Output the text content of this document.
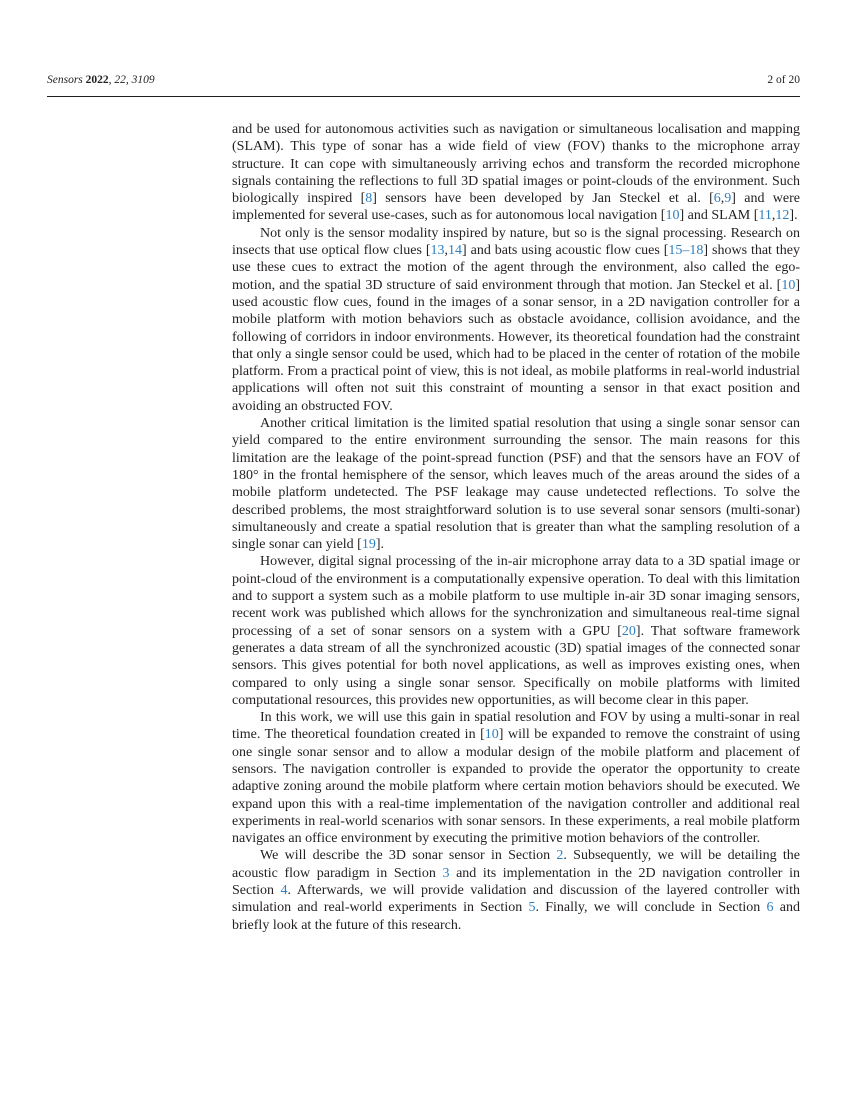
Sensors 2022, 22, 3109	2 of 20

and be used for autonomous activities such as navigation or simultaneous localisation and mapping (SLAM). This type of sonar has a wide field of view (FOV) thanks to the microphone array structure. It can cope with simultaneously arriving echos and transform the recorded microphone signals containing the reflections to full 3D spatial images or point-clouds of the environment. Such biologically inspired [8] sensors have been developed by Jan Steckel et al. [6,9] and were implemented for several use-cases, such as for autonomous local navigation [10] and SLAM [11,12].

Not only is the sensor modality inspired by nature, but so is the signal processing. Research on insects that use optical flow clues [13,14] and bats using acoustic flow cues [15–18] shows that they use these cues to extract the motion of the agent through the environment, also called the ego-motion, and the spatial 3D structure of said environment through that motion. Jan Steckel et al. [10] used acoustic flow cues, found in the images of a sonar sensor, in a 2D navigation controller for a mobile platform with motion behaviors such as obstacle avoidance, collision avoidance, and the following of corridors in indoor environments. However, its theoretical foundation had the constraint that only a single sensor could be used, which had to be placed in the center of rotation of the mobile platform. From a practical point of view, this is not ideal, as mobile platforms in real-world industrial applications will often not suit this constraint of mounting a sensor in that exact position and avoiding an obstructed FOV.

Another critical limitation is the limited spatial resolution that using a single sonar sensor can yield compared to the entire environment surrounding the sensor. The main reasons for this limitation are the leakage of the point-spread function (PSF) and that the sensors have an FOV of 180° in the frontal hemisphere of the sensor, which leaves much of the areas around the sides of a mobile platform undetected. The PSF leakage may cause undetected reflections. To solve the described problems, the most straightforward solution is to use several sonar sensors (multi-sonar) simultaneously and create a spatial resolution that is greater than what the sampling resolution of a single sonar can yield [19].

However, digital signal processing of the in-air microphone array data to a 3D spatial image or point-cloud of the environment is a computationally expensive operation. To deal with this limitation and to support a system such as a mobile platform to use multiple in-air 3D sonar imaging sensors, recent work was published which allows for the synchronization and simultaneous real-time signal processing of a set of sonar sensors on a system with a GPU [20]. That software framework generates a data stream of all the synchronized acoustic (3D) spatial images of the connected sonar sensors. This gives potential for both novel applications, as well as improves existing ones, when compared to only using a single sonar sensor. Specifically on mobile platforms with limited computational resources, this provides new opportunities, as will become clear in this paper.

In this work, we will use this gain in spatial resolution and FOV by using a multi-sonar in real time. The theoretical foundation created in [10] will be expanded to remove the constraint of using one single sonar sensor and to allow a modular design of the mobile platform and placement of sensors. The navigation controller is expanded to provide the operator the opportunity to create adaptive zoning around the mobile platform where certain motion behaviors should be executed. We expand upon this with a real-time implementation of the navigation controller and additional real experiments in real-world scenarios with sonar sensors. In these experiments, a real mobile platform navigates an office environment by executing the primitive motion behaviors of the controller.

We will describe the 3D sonar sensor in Section 2. Subsequently, we will be detailing the acoustic flow paradigm in Section 3 and its implementation in the 2D navigation controller in Section 4. Afterwards, we will provide validation and discussion of the layered controller with simulation and real-world experiments in Section 5. Finally, we will conclude in Section 6 and briefly look at the future of this research.
